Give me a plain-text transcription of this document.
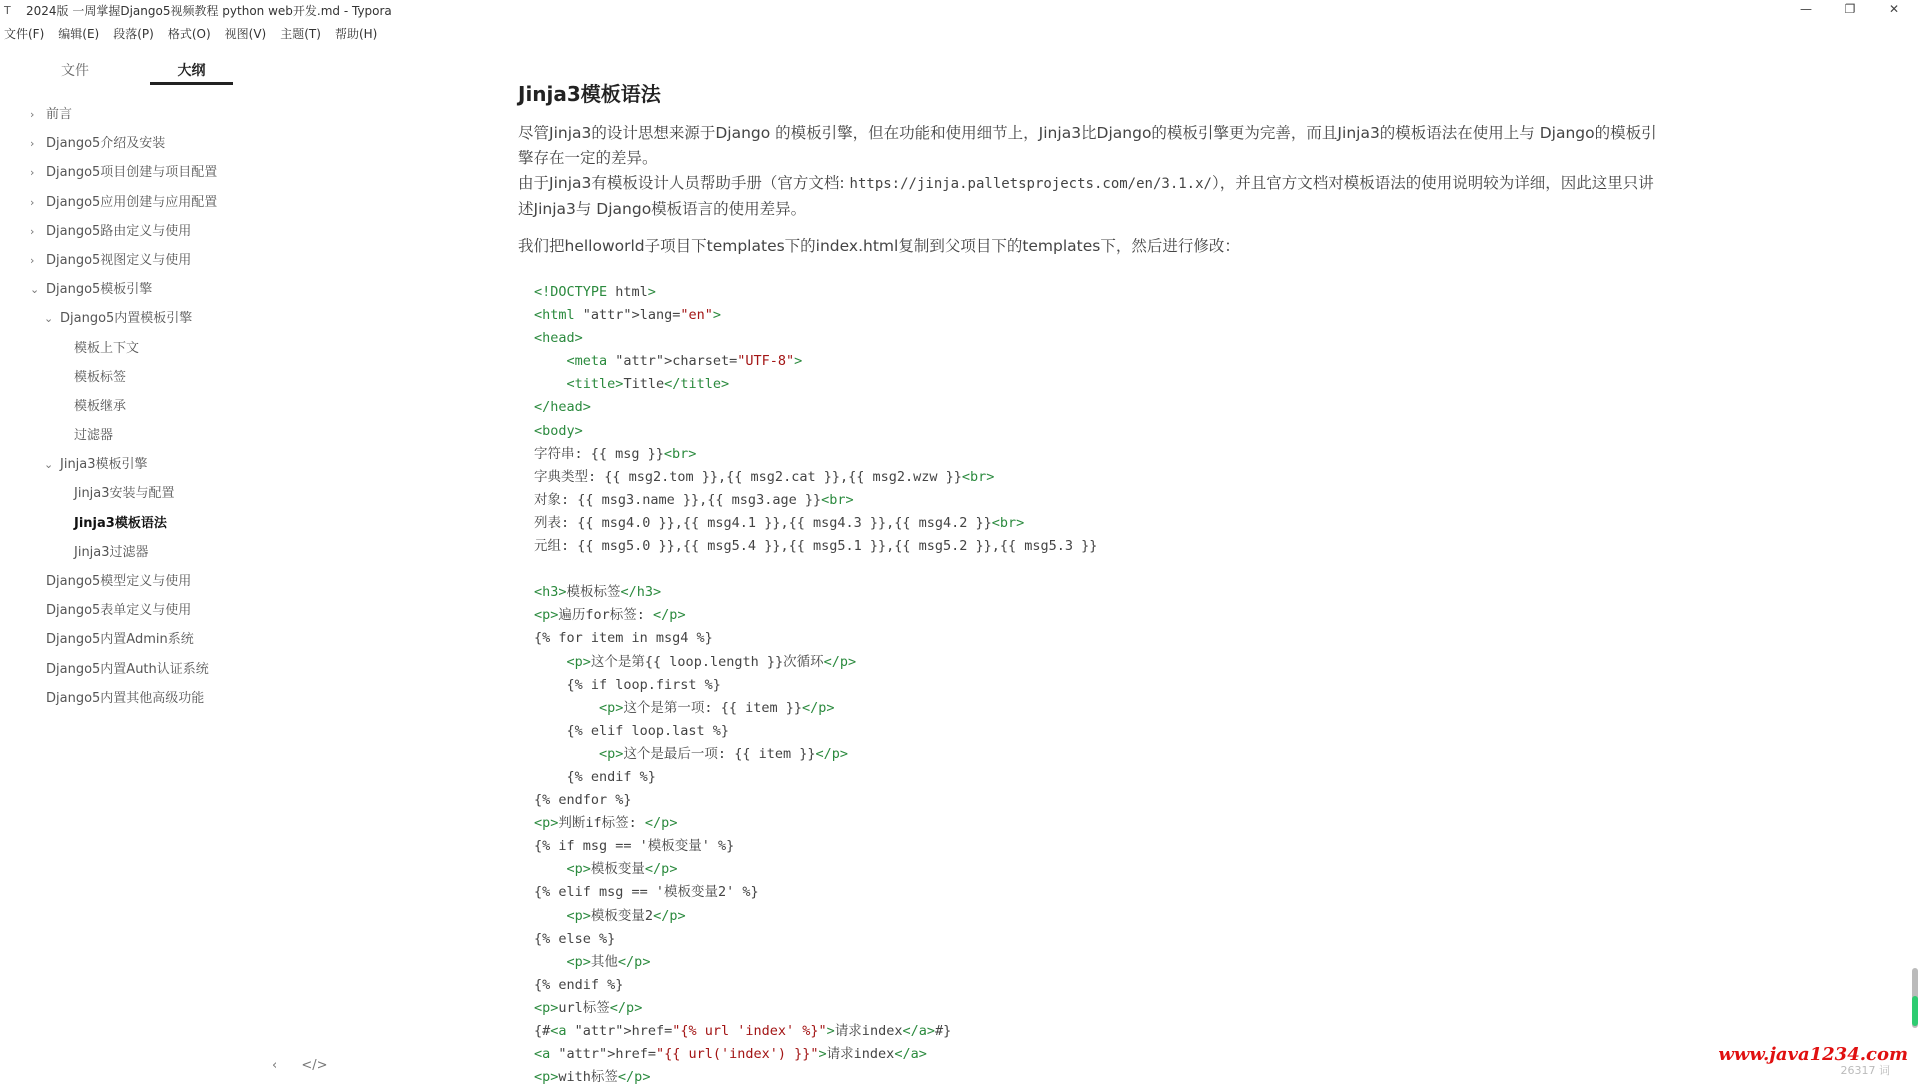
T	2024版 一周掌握Django5视频教程 python web开发.md - Typora	—	❐	✕
文件(F) 编辑(E) 段落(P) 格式(O) 视图(V) 主题(T) 帮助(H)
文件	大纲
› 前言
› Django5介绍及安装
› Django5项目创建与项目配置
› Django5应用创建与应用配置
› Django5路由定义与使用
› Django5视图定义与使用
⌄ Django5模板引擎
⌄ Django5内置模板引擎
模板上下文
模板标签
模板继承
过滤器
⌄ Jinja3模板引擎
Jinja3安装与配置
Jinja3模板语法
Jinja3过滤器
Django5模型定义与使用
Django5表单定义与使用
Django5内置Admin系统
Django5内置Auth认证系统
Django5内置其他高级功能
‹ </>
Jinja3模板语法

尽管Jinja3的设计思想来源于Django 的模板引擎，但在功能和使用细节上，Jinja3比Django的模板引擎更为完善，而且Jinja3的模板语法在使用上与 Django的模板引擎存在一定的差异。

由于Jinja3有模板设计人员帮助手册（官方文档: https://jinja.palletsprojects.com/en/3.1.x/），并且官方文档对模板语法的使用说明较为详细，因此这里只讲述Jinja3与 Django模板语言的使用差异。

我们把helloworld子项目下templates下的index.html复制到父项目下的templates下，然后进行修改：

<!DOCTYPE html>
<html "attr">lang="en">
<head>
<meta "attr">charset="UTF-8">
<title>Title</title>
</head>
<body>
字符串: {{ msg }}<br>
字典类型: {{ msg2.tom }},{{ msg2.cat }},{{ msg2.wzw }}<br>
对象: {{ msg3.name }},{{ msg3.age }}<br>
列表: {{ msg4.0 }},{{ msg4.1 }},{{ msg4.3 }},{{ msg4.2 }}<br>
元组: {{ msg5.0 }},{{ msg5.4 }},{{ msg5.1 }},{{ msg5.2 }},{{ msg5.3 }}

<h3>模板标签</h3>
<p>遍历for标签: </p>
{% for item in msg4 %}
<p>这个是第{{ loop.length }}次循环</p>
{% if loop.first %}
<p>这个是第一项: {{ item }}</p>
{% elif loop.last %}
<p>这个是最后一项: {{ item }}</p>
{% endif %}
{% endfor %}
<p>判断if标签: </p>
{% if msg == '模板变量' %}
<p>模板变量</p>
{% elif msg == '模板变量2' %}
<p>模板变量2</p>
{% else %}
<p>其他</p>
{% endif %}
<p>url标签</p>
{#<a "attr">href="{% url 'index' %}">请求index</a>#}
<a "attr">href="{{ url('index') }}">请求index</a>
<p>with标签</p>
www.java1234.com
26317 词
